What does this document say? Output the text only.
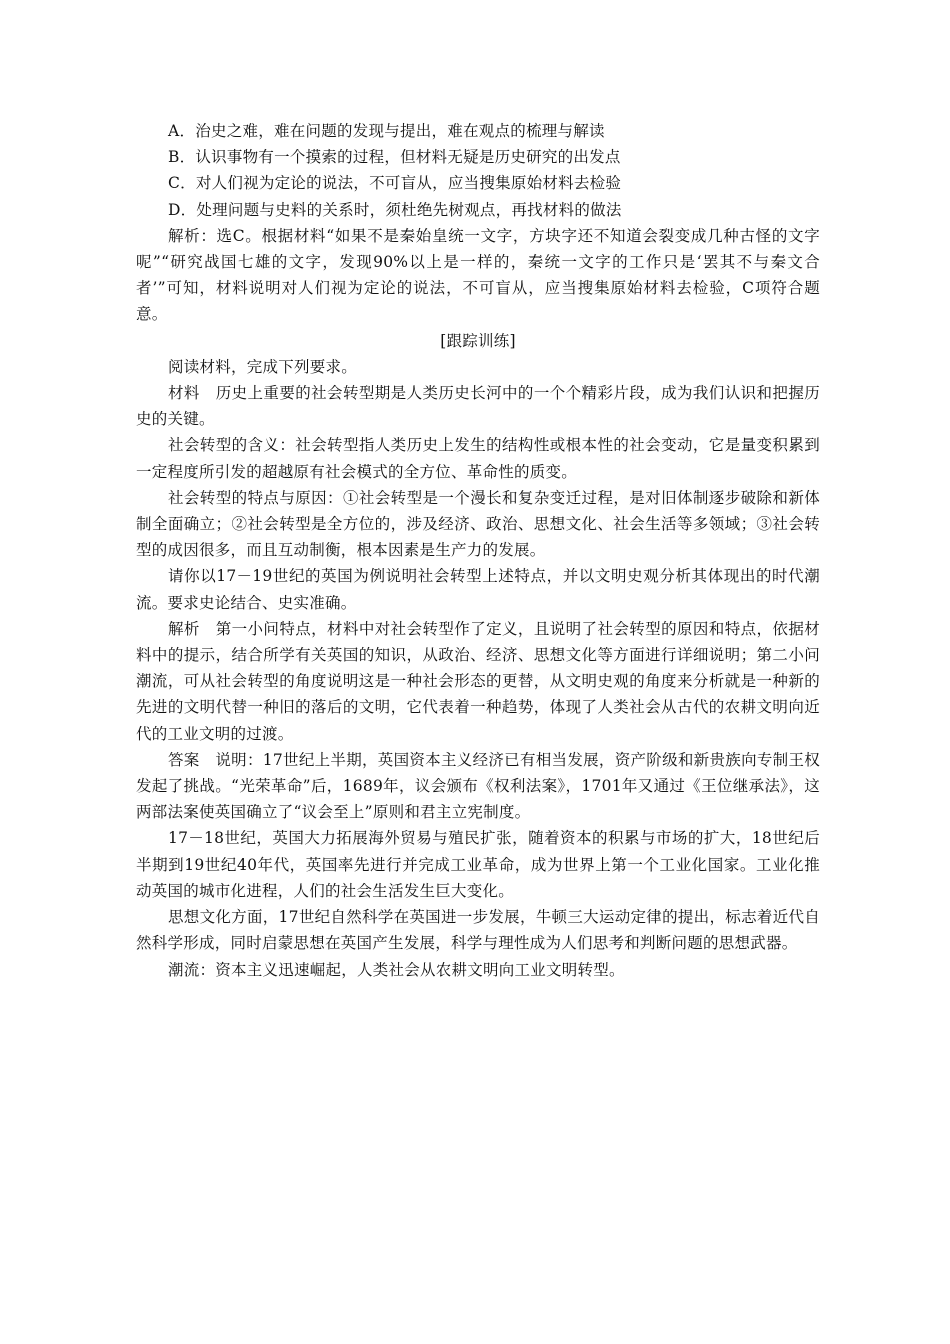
A．治史之难，难在问题的发现与提出，难在观点的梳理与解读

B．认识事物有一个摸索的过程，但材料无疑是历史研究的出发点

C．对人们视为定论的说法，不可盲从，应当搜集原始材料去检验

D．处理问题与史料的关系时，须杜绝先树观点，再找材料的做法

解析：选C。根据材料“如果不是秦始皇统一文字，方块字还不知道会裂变成几种古怪的文字呢”“研究战国七雄的文字，发现90%以上是一样的，秦统一文字的工作只是‘罢其不与秦文合者’”可知，材料说明对人们视为定论的说法，不可盲从，应当搜集原始材料去检验，C项符合题意。

[跟踪训练]

阅读材料，完成下列要求。

材料　历史上重要的社会转型期是人类历史长河中的一个个精彩片段，成为我们认识和把握历史的关键。

社会转型的含义：社会转型指人类历史上发生的结构性或根本性的社会变动，它是量变积累到一定程度所引发的超越原有社会模式的全方位、革命性的质变。

社会转型的特点与原因：①社会转型是一个漫长和复杂变迁过程，是对旧体制逐步破除和新体制全面确立；②社会转型是全方位的，涉及经济、政治、思想文化、社会生活等多领域；③社会转型的成因很多，而且互动制衡，根本因素是生产力的发展。

请你以17－19世纪的英国为例说明社会转型上述特点，并以文明史观分析其体现出的时代潮流。要求史论结合、史实准确。

解析　第一小问特点，材料中对社会转型作了定义，且说明了社会转型的原因和特点，依据材料中的提示，结合所学有关英国的知识，从政治、经济、思想文化等方面进行详细说明；第二小问潮流，可从社会转型的角度说明这是一种社会形态的更替，从文明史观的角度来分析就是一种新的先进的文明代替一种旧的落后的文明，它代表着一种趋势，体现了人类社会从古代的农耕文明向近代的工业文明的过渡。

答案　说明：17世纪上半期，英国资本主义经济已有相当发展，资产阶级和新贵族向专制王权发起了挑战。“光荣革命”后，1689年，议会颁布《权利法案》，1701年又通过《王位继承法》，这两部法案使英国确立了“议会至上”原则和君主立宪制度。

17－18世纪，英国大力拓展海外贸易与殖民扩张，随着资本的积累与市场的扩大，18世纪后半期到19世纪40年代，英国率先进行并完成工业革命，成为世界上第一个工业化国家。工业化推动英国的城市化进程，人们的社会生活发生巨大变化。

思想文化方面，17世纪自然科学在英国进一步发展，牛顿三大运动定律的提出，标志着近代自然科学形成，同时启蒙思想在英国产生发展，科学与理性成为人们思考和判断问题的思想武器。

潮流：资本主义迅速崛起，人类社会从农耕文明向工业文明转型。
